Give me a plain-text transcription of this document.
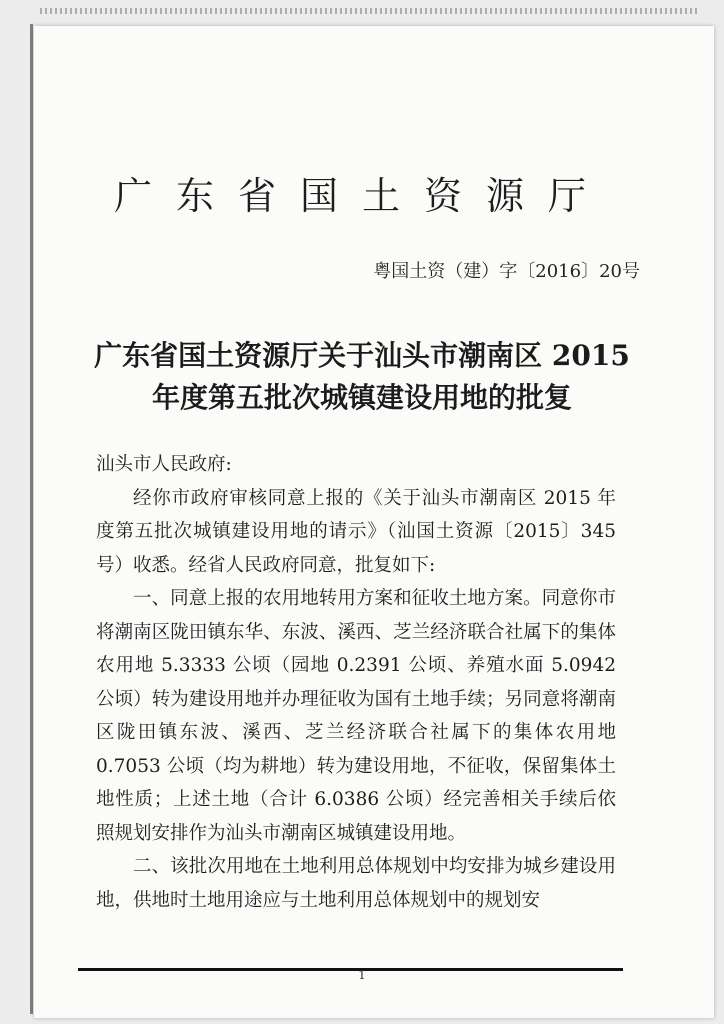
广东省国土资源厅
粤国土资（建）字〔2016〕20号
广东省国土资源厅关于汕头市潮南区 2015
年度第五批次城镇建设用地的批复

汕头市人民政府:

经你市政府审核同意上报的《关于汕头市潮南区 2015 年度第五批次城镇建设用地的请示》（汕国土资源〔2015〕345 号）收悉。经省人民政府同意，批复如下:

一、同意上报的农用地转用方案和征收土地方案。同意你市将潮南区陇田镇东华、东波、溪西、芝兰经济联合社属下的集体农用地 5.3333 公顷（园地 0.2391 公顷、养殖水面 5.0942 公顷）转为建设用地并办理征收为国有土地手续；另同意将潮南区陇田镇东波、溪西、芝兰经济联合社属下的集体农用地 0.7053 公顷（均为耕地）转为建设用地，不征收，保留集体土地性质；上述土地（合计 6.0386 公顷）经完善相关手续后依照规划安排作为汕头市潮南区城镇建设用地。

二、该批次用地在土地利用总体规划中均安排为城乡建设用地，供地时土地用途应与土地利用总体规划中的规划安

1
